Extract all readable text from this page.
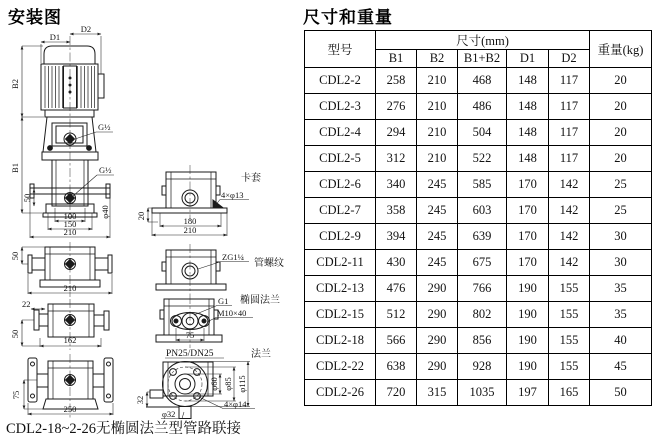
安装图	尺寸和重量
D1
D2
B2
B1
G½
G½
50
100
150
210
φ40	20	180
210
卡套
4×φ13
ZG1¼
管螺纹
50
210
22
50
162
G1
M10×40
椭圆法兰
75
75
250
PN25/DN25	法兰
32
φ32
φ60 φ85 φ115
4×φ14
CDL2-18~2-26无椭圆法兰型管路联接
型号	尺寸(mm)					重量(kg)
	B1	B2	B1+B2	D1	D2	
CDL2-2	258	210	468	148	117	20
CDL2-3	276	210	486	148	117	20
CDL2-4	294	210	504	148	117	20
CDL2-5	312	210	522	148	117	20
CDL2-6	340	245	585	170	142	25
CDL2-7	358	245	603	170	142	25
CDL2-9	394	245	639	170	142	30
CDL2-11	430	245	675	170	142	30
CDL2-13	476	290	766	190	155	35
CDL2-15	512	290	802	190	155	35
CDL2-18	566	290	856	190	155	40
CDL2-22	638	290	928	190	155	45
CDL2-26	720	315	1035	197	165	50
